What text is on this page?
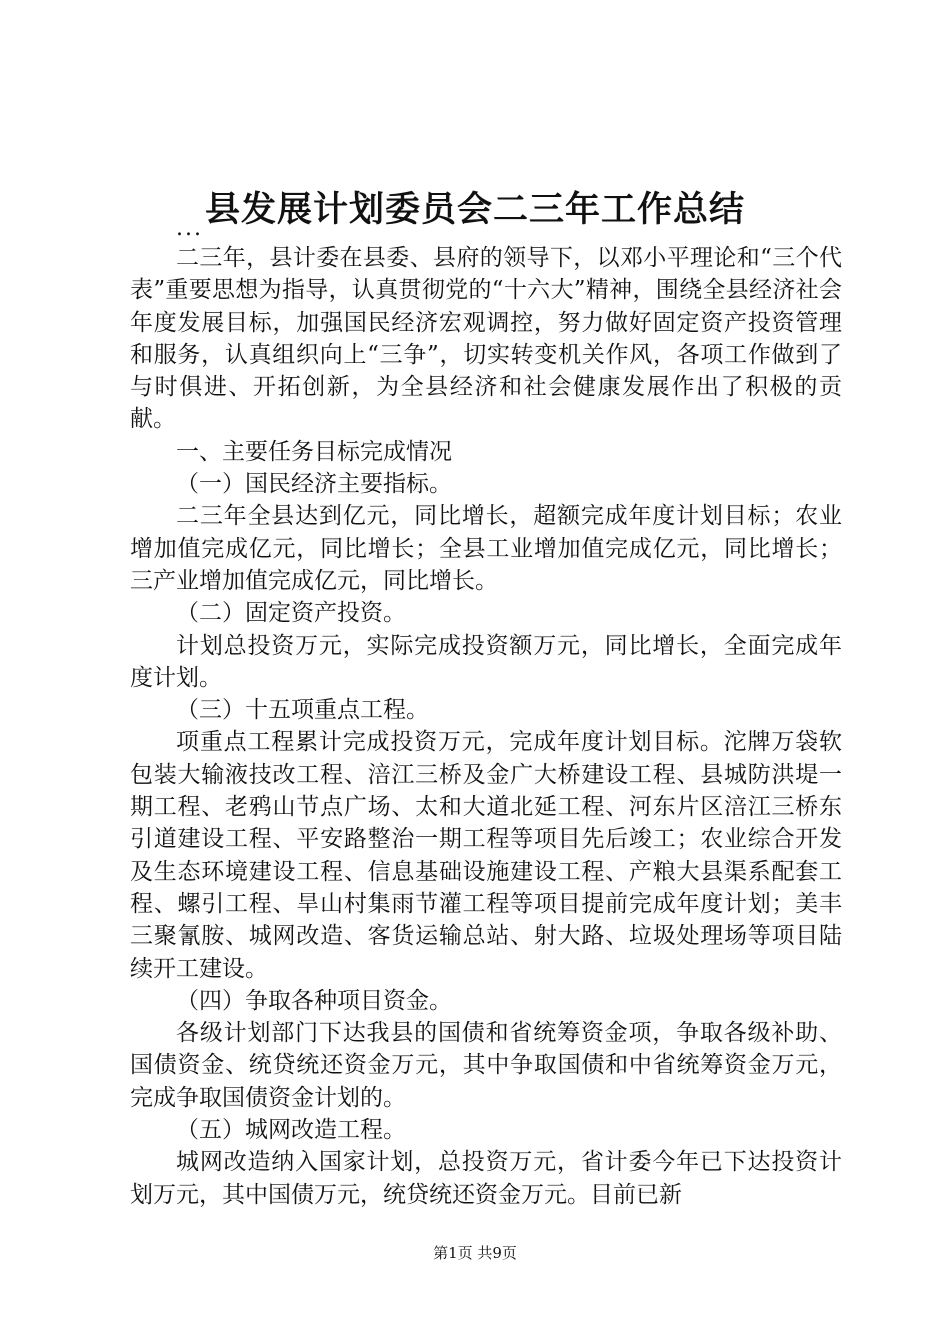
县发展计划委员会二三年工作总结
...

二三年，县计委在县委、县府的领导下，以邓小平理论和“三个代表”重要思想为指导，认真贯彻党的“十六大”精神，围绕全县经济社会年度发展目标，加强国民经济宏观调控，努力做好固定资产投资管理和服务，认真组织向上“三争”，切实转变机关作风，各项工作做到了与时俱进、开拓创新，为全县经济和社会健康发展作出了积极的贡献。

一、主要任务目标完成情况

（一）国民经济主要指标。

二三年全县达到亿元，同比增长，超额完成年度计划目标；农业增加值完成亿元，同比增长；全县工业增加值完成亿元，同比增长；三产业增加值完成亿元，同比增长。

（二）固定资产投资。

计划总投资万元，实际完成投资额万元，同比增长，全面完成年度计划。

（三）十五项重点工程。

项重点工程累计完成投资万元，完成年度计划目标。沱牌万袋软包装大输液技改工程、涪江三桥及金广大桥建设工程、县城防洪堤一期工程、老鸦山节点广场、太和大道北延工程、河东片区涪江三桥东引道建设工程、平安路整治一期工程等项目先后竣工；农业综合开发及生态环境建设工程、信息基础设施建设工程、产粮大县渠系配套工程、螺引工程、旱山村集雨节灌工程等项目提前完成年度计划；美丰三聚氰胺、城网改造、客货运输总站、射大路、垃圾处理场等项目陆续开工建设。

（四）争取各种项目资金。

各级计划部门下达我县的国债和省统筹资金项，争取各级补助、国债资金、统贷统还资金万元，其中争取国债和中省统筹资金万元，完成争取国债资金计划的。

（五）城网改造工程。

城网改造纳入国家计划，总投资万元，省计委今年已下达投资计划万元，其中国债万元，统贷统还资金万元。目前已新

第1页 共9页
